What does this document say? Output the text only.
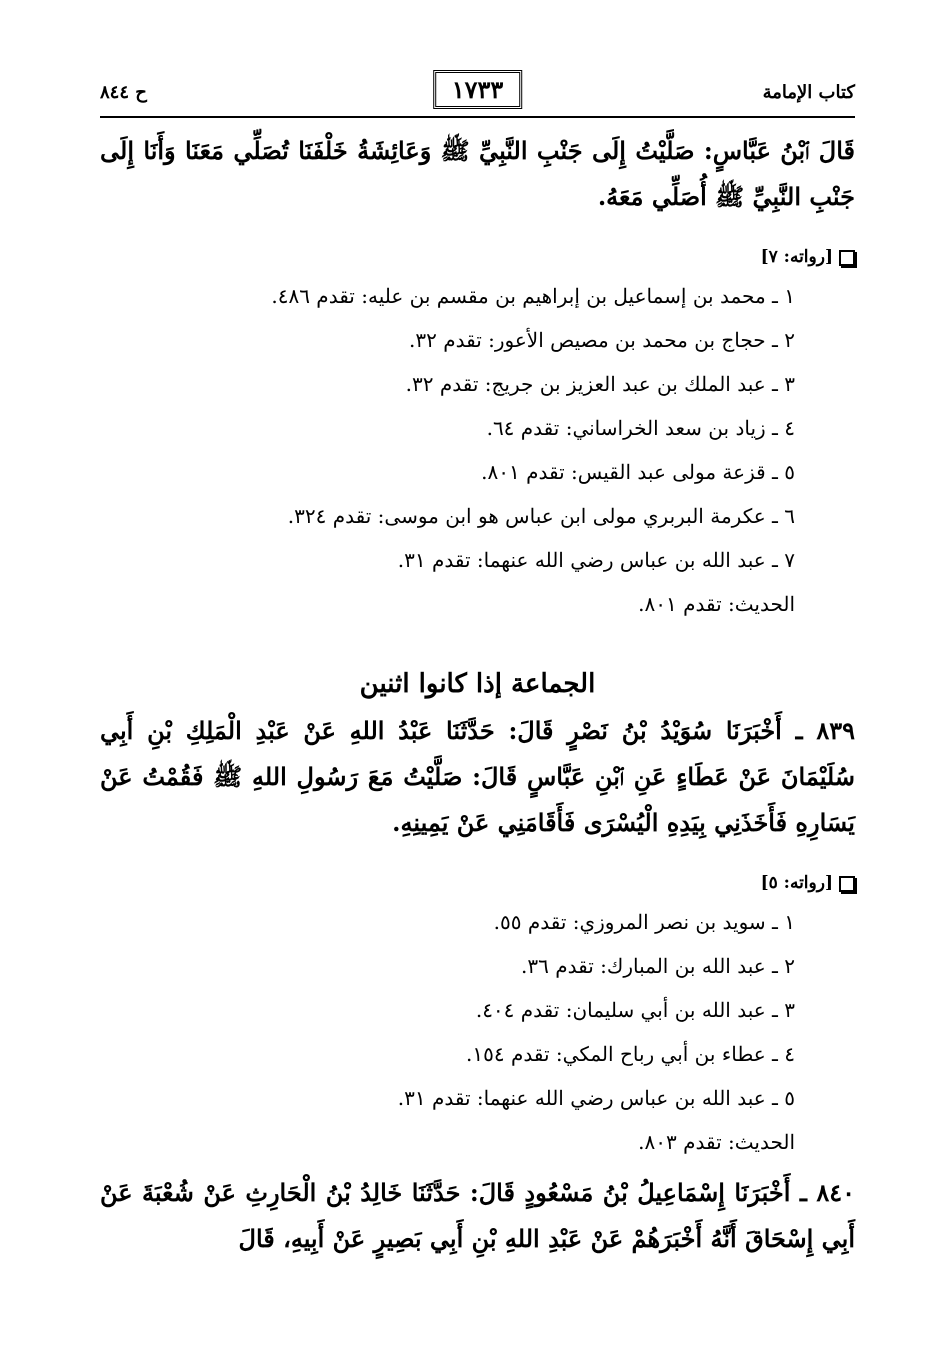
كتاب الإمامة
١٧٣٣
ح ٨٤٤

قَالَ ٱبْنُ عَبَّاسٍ: صَلَّيْتُ إِلَى جَنْبِ النَّبِيِّ ﷺ وَعَائِشَةُ خَلْفَنَا تُصَلِّي مَعَنَا وَأَنَا إِلَى جَنْبِ النَّبِيِّ ﷺ أُصَلِّي مَعَهُ.

[رواته: ٧]
١ ـ محمد بن إسماعيل بن إبراهيم بن مقسم بن عليه: تقدم ٤٨٦.
٢ ـ حجاج بن محمد بن مصيص الأعور: تقدم ٣٢.
٣ ـ عبد الملك بن عبد العزيز بن جريج: تقدم ٣٢.
٤ ـ زياد بن سعد الخراساني: تقدم ٦٤.
٥ ـ قزعة مولى عبد القيس: تقدم ٨٠١.
٦ ـ عكرمة البربري مولى ابن عباس هو ابن موسى: تقدم ٣٢٤.
٧ ـ عبد الله بن عباس رضي الله عنهما: تقدم ٣١.
الحديث: تقدم ٨٠١.
الجماعة إذا كانوا اثنين

٨٣٩ ـ أَخْبَرَنَا سُوَيْدُ بْنُ نَصْرٍ قَالَ: حَدَّثَنَا عَبْدُ اللهِ عَنْ عَبْدِ الْمَلِكِ بْنِ أَبِي سُلَيْمَانَ عَنْ عَطَاءٍ عَنِ ٱبْنِ عَبَّاسٍ قَالَ: صَلَّيْتُ مَعَ رَسُولِ اللهِ ﷺ فَقُمْتُ عَنْ يَسَارِهِ فَأَخَذَنِي بِيَدِهِ الْيُسْرَى فَأَقَامَنِي عَنْ يَمِينِهِ.

[رواته: ٥]
١ ـ سويد بن نصر المروزي: تقدم ٥٥.
٢ ـ عبد الله بن المبارك: تقدم ٣٦.
٣ ـ عبد الله بن أبي سليمان: تقدم ٤٠٤.
٤ ـ عطاء بن أبي رباح المكي: تقدم ١٥٤.
٥ ـ عبد الله بن عباس رضي الله عنهما: تقدم ٣١.
الحديث: تقدم ٨٠٣.

٨٤٠ ـ أَخْبَرَنَا إِسْمَاعِيلُ بْنُ مَسْعُودٍ قَالَ: حَدَّثَنَا خَالِدُ بْنُ الْحَارِثِ عَنْ شُعْبَةَ عَنْ أَبِي إِسْحَاقَ أَنَّهُ أَخْبَرَهُمْ عَنْ عَبْدِ اللهِ بْنِ أَبِي بَصِيرٍ عَنْ أَبِيهِ، قَالَ
